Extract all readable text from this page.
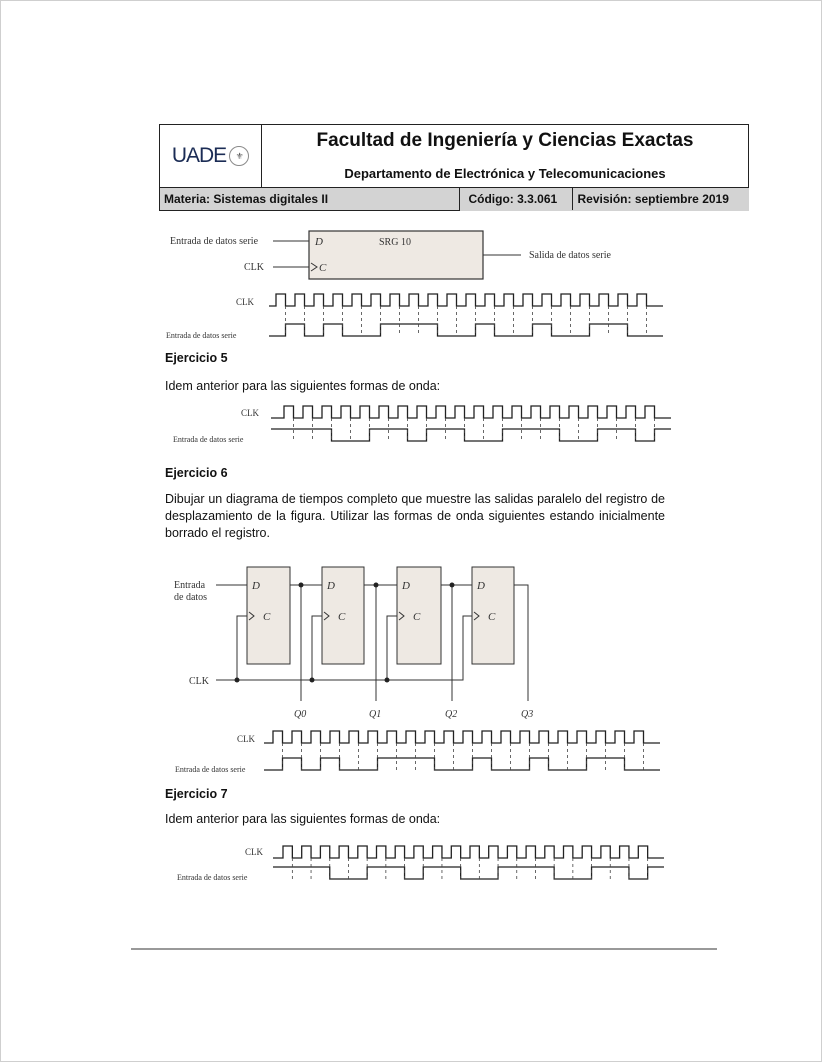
UADE	⚜

Facultad de Ingeniería y Ciencias Exactas
Departamento de Electrónica y Telecomunicaciones

Materia: Sistemas digitales II		Código: 3.3.061	Revisión: septiembre 2019
Entrada de datos serie
CLK
D
C
SRG 10
Salida de datos serie
CLK
Entrada de datos serie
CLK
Entrada de datos serie
CLK
Entrada de datos serie
CLK
Entrada de datos serie
Entrada
de datos
CLK
D	D	D	D
C	C	C	C
Q0	Q1	Q2	Q3
Ejercicio 5
Idem anterior para las siguientes formas de onda:
Ejercicio 6
Dibujar un diagrama de tiempos completo que muestre las salidas paralelo del registro de desplazamiento de la figura. Utilizar las formas de onda siguientes estando inicialmente borrado el registro.
Ejercicio 7
Idem anterior para las siguientes formas de onda:
